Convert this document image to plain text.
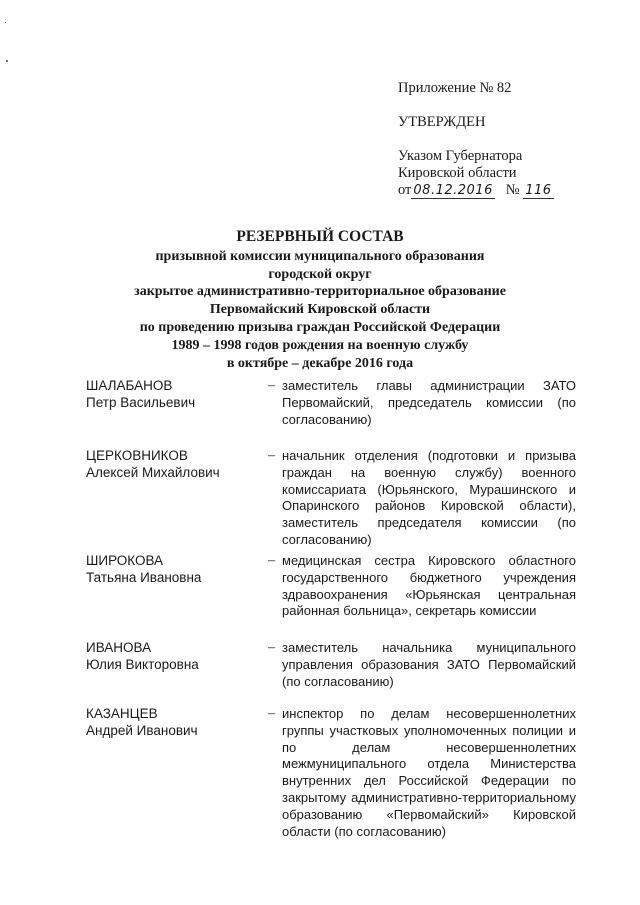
Приложение № 82
УТВЕРЖДЕН
Указом Губернатора
Кировской области
от 08.12.2016 № 116
РЕЗЕРВНЫЙ СОСТАВ
призывной комиссии муниципального образования
городской округ
закрытое административно-территориальное образование
Первомайский Кировской области
по проведению призыва граждан Российской Федерации
1989 – 1998 годов рождения на военную службу
в октябре – декабре 2016 года
ШАЛАБАНОВ
Петр Васильевич
– заместитель главы администрации ЗАТО Первомайский, председатель комиссии (по согласованию)
ЦЕРКОВНИКОВ
Алексей Михайлович
– начальник отделения (подготовки и призыва граждан на военную службу) военного комиссариата (Юрьянского, Мурашинского и Опаринского районов Кировской области), заместитель председателя комиссии (по согласованию)
ШИРОКОВА
Татьяна Ивановна
– медицинская сестра Кировского областного государственного бюджетного учреждения здравоохранения «Юрьянская центральная районная больница», секретарь комиссии
ИВАНОВА
Юлия Викторовна
– заместитель начальника муниципального управления образования ЗАТО Первомайский (по согласованию)
КАЗАНЦЕВ
Андрей Иванович
– инспектор по делам несовершеннолетних группы участковых уполномоченных полиции и по делам несовершеннолетних межмуниципального отдела Министерства внутренних дел Российской Федерации по закрытому административно-территориальному образованию «Первомайский» Кировской области (по согласованию)
